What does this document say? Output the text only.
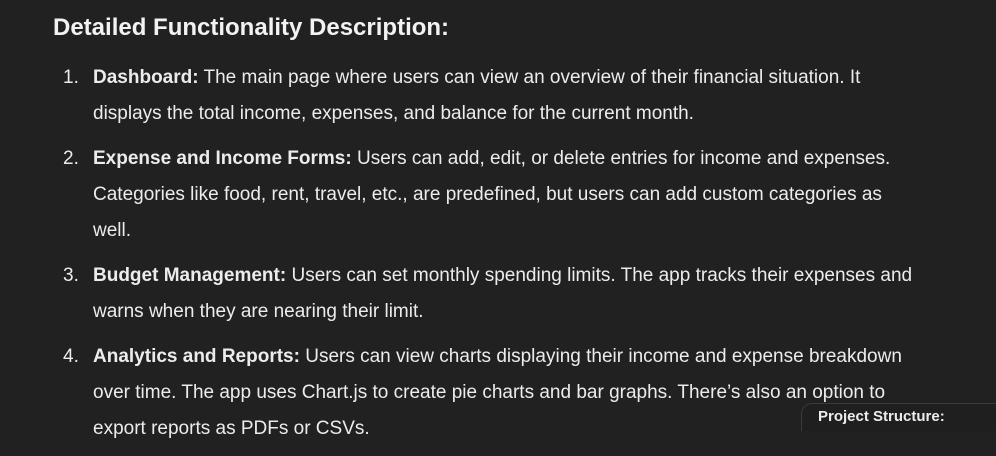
Detailed Functionality Description:
1. Dashboard: The main page where users can view an overview of their financial situation. It displays the total income, expenses, and balance for the current month.
2. Expense and Income Forms: Users can add, edit, or delete entries for income and expenses. Categories like food, rent, travel, etc., are predefined, but users can add custom categories as well.
3. Budget Management: Users can set monthly spending limits. The app tracks their expenses and warns when they are nearing their limit.
4. Analytics and Reports: Users can view charts displaying their income and expense breakdown over time. The app uses Chart.js to create pie charts and bar graphs. There’s also an option to export reports as PDFs or CSVs.
Project Structure:
